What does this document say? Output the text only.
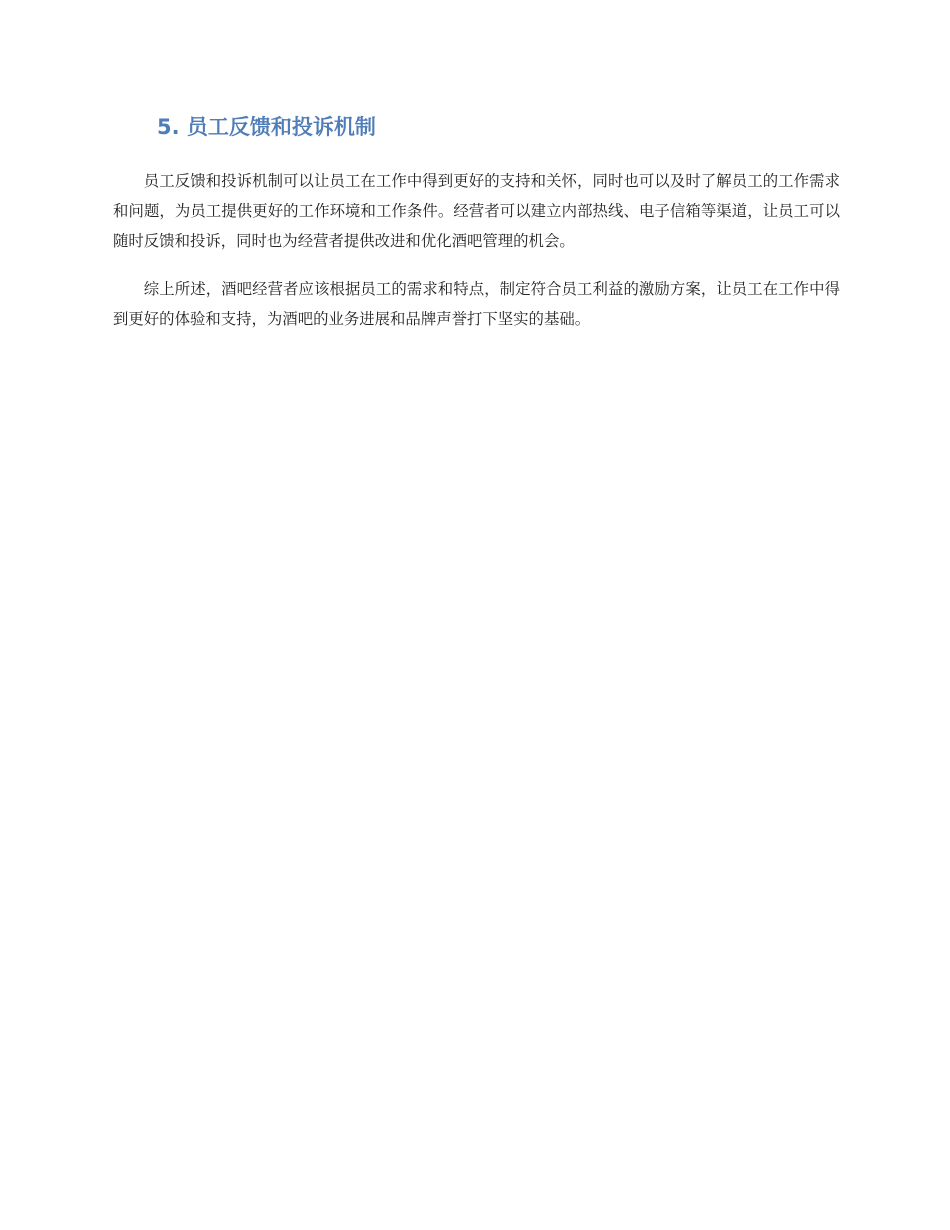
5. 员工反馈和投诉机制

员工反馈和投诉机制可以让员工在工作中得到更好的支持和关怀，同时也可以及时了解员工的工作需求和问题，为员工提供更好的工作环境和工作条件。经营者可以建立内部热线、电子信箱等渠道，让员工可以随时反馈和投诉，同时也为经营者提供改进和优化酒吧管理的机会。

综上所述，酒吧经营者应该根据员工的需求和特点，制定符合员工利益的激励方案，让员工在工作中得到更好的体验和支持，为酒吧的业务进展和品牌声誉打下坚实的基础。
